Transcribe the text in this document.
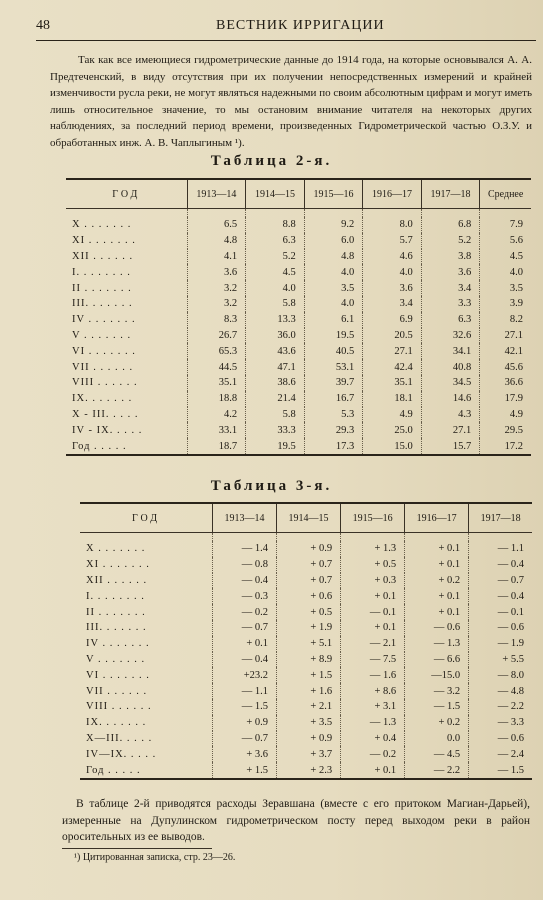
48	ВЕСТНИК ИРРИГАЦИИ

Так как все имеющиеся гидрометрические данные до 1914 года, на которые основывался А. А. Предтеченский, в виду отсутствия при их получении непосредственных измерений и крайней изменчивости русла реки, не могут являться надежными по своим абсолютным цифрам и могут иметь лишь относительное значение, то мы остановим внимание читателя на некоторых других наблюдениях, за последний период времени, произведенных Гидрометрической частью О.З.У. и обработанных инж. А. В. Чаплыгиным ¹).

Таблица 2-я.
ГОД	1913—14	1914—15	1915—16	1916—17	1917—18	Среднее

X . . . . . . .	6.5	8.8	9.2	8.0	6.8	7.9
XI . . . . . . .	4.8	6.3	6.0	5.7	5.2	5.6
XII . . . . . .	4.1	5.2	4.8	4.6	3.8	4.5
I. . . . . . . .	3.6	4.5	4.0	4.0	3.6	4.0
II . . . . . . .	3.2	4.0	3.5	3.6	3.4	3.5
III. . . . . . .	3.2	5.8	4.0	3.4	3.3	3.9
IV . . . . . . .	8.3	13.3	6.1	6.9	6.3	8.2
V . . . . . . .	26.7	36.0	19.5	20.5	32.6	27.1
VI . . . . . . .	65.3	43.6	40.5	27.1	34.1	42.1
VII . . . . . .	44.5	47.1	53.1	42.4	40.8	45.6
VIII . . . . . .	35.1	38.6	39.7	35.1	34.5	36.6
IX. . . . . . .	18.8	21.4	16.7	18.1	14.6	17.9
X - III. . . . .	4.2	5.8	5.3	4.9	4.3	4.9
IV - IX. . . . .	33.1	33.3	29.3	25.0	27.1	29.5
Год . . . . .	18.7	19.5	17.3	15.0	15.7	17.2
Таблица 3-я.
ГОД	1913—14	1914—15	1915—16	1916—17	1917—18

X . . . . . . .	— 1.4	+ 0.9	+ 1.3	+ 0.1	— 1.1
XI . . . . . . .	— 0.8	+ 0.7	+ 0.5	+ 0.1	— 0.4
XII . . . . . .	— 0.4	+ 0.7	+ 0.3	+ 0.2	— 0.7
I. . . . . . . .	— 0.3	+ 0.6	+ 0.1	+ 0.1	— 0.4
II . . . . . . .	— 0.2	+ 0.5	— 0.1	+ 0.1	— 0.1
III. . . . . . .	— 0.7	+ 1.9	+ 0.1	— 0.6	— 0.6
IV . . . . . . .	+ 0.1	+ 5.1	— 2.1	— 1.3	— 1.9
V . . . . . . .	— 0.4	+ 8.9	— 7.5	— 6.6	+ 5.5
VI . . . . . . .	+23.2	+ 1.5	— 1.6	—15.0	— 8.0
VII . . . . . .	— 1.1	+ 1.6	+ 8.6	— 3.2	— 4.8
VIII . . . . . .	— 1.5	+ 2.1	+ 3.1	— 1.5	— 2.2
IX. . . . . . .	+ 0.9	+ 3.5	— 1.3	+ 0.2	— 3.3
X—III. . . . .	— 0.7	+ 0.9	+ 0.4	0.0	— 0.6
IV—IX. . . . .	+ 3.6	+ 3.7	— 0.2	— 4.5	— 2.4
Год . . . . .	+ 1.5	+ 2.3	+ 0.1	— 2.2	— 1.5

В таблице 2-й приводятся расходы Зеравшана (вместе с его притоком Магиан-Дарьей), измеренные на Дупулинском гидрометрическом посту перед выходом реки в район оросительных из ее выводов.

¹) Цитированная записка, стр. 23—26.
